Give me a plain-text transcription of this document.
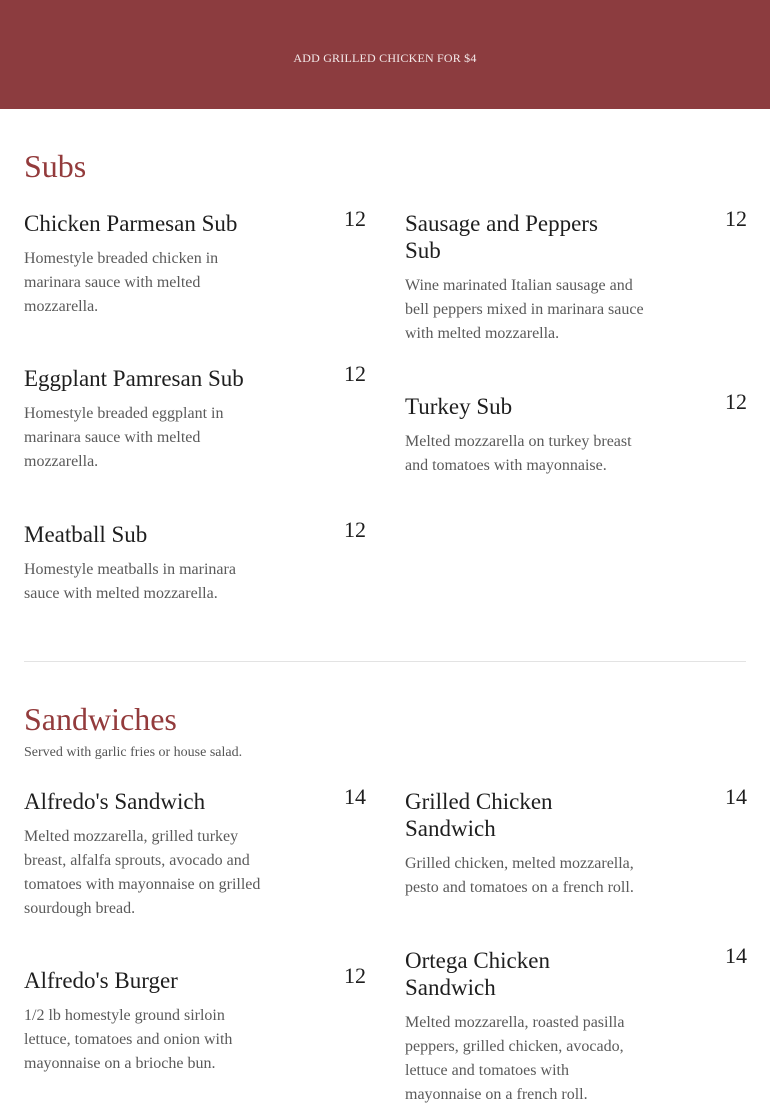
ADD GRILLED CHICKEN FOR $4
Subs
Chicken Parmesan Sub	12
Homestyle breaded chicken in marinara sauce with melted mozzarella.
Sausage and Peppers Sub
12
Wine marinated Italian sausage and bell peppers mixed in marinara sauce with melted mozzarella.
Eggplant Pamresan Sub	12
Homestyle breaded eggplant in marinara sauce with melted mozzarella.
Turkey Sub	12
Melted mozzarella on turkey breast and tomatoes with mayonnaise.
Meatball Sub	12
Homestyle meatballs in marinara sauce with melted mozzarella.
Sandwiches
Served with garlic fries or house salad.
Alfredo's Sandwich	14
Melted mozzarella, grilled turkey breast, alfalfa sprouts, avocado and tomatoes with mayonnaise on grilled sourdough bread.
Grilled Chicken Sandwich
14
Grilled chicken, melted mozzarella, pesto and tomatoes on a french roll.
Alfredo's Burger	12
1/2 lb homestyle ground sirloin lettuce, tomatoes and onion with mayonnaise on a brioche bun.
Ortega Chicken Sandwich
14
Melted mozzarella, roasted pasilla peppers, grilled chicken, avocado, lettuce and tomatoes with mayonnaise on a french roll.
